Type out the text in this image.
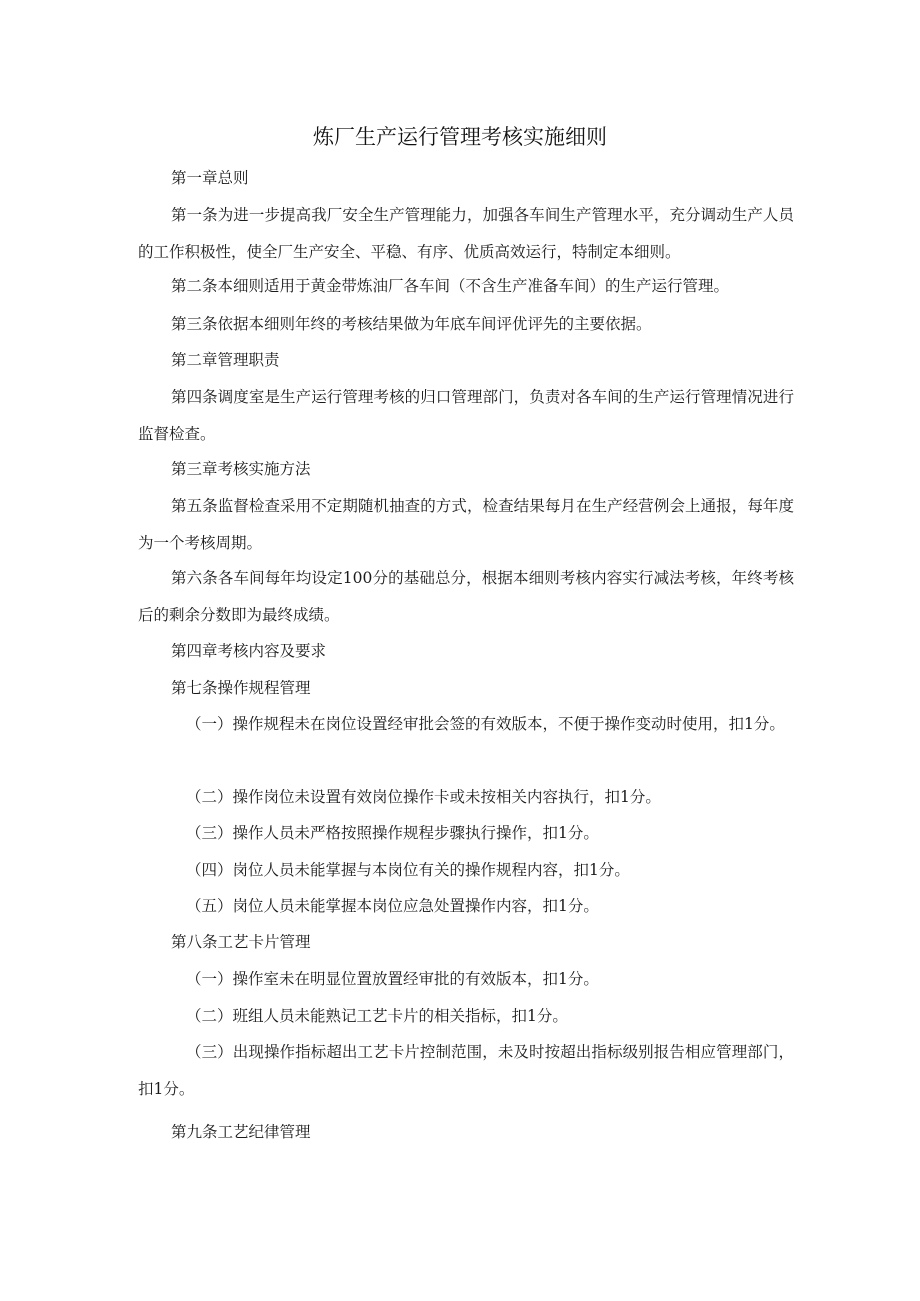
炼厂生产运行管理考核实施细则

第一章总则

第一条为进一步提高我厂安全生产管理能力，加强各车间生产管理水平，充分调动生产人员的工作积极性，使全厂生产安全、平稳、有序、优质高效运行，特制定本细则。

第二条本细则适用于黄金带炼油厂各车间（不含生产准备车间）的生产运行管理。

第三条依据本细则年终的考核结果做为年底车间评优评先的主要依据。

第二章管理职责

第四条调度室是生产运行管理考核的归口管理部门，负责对各车间的生产运行管理情况进行监督检查。

第三章考核实施方法

第五条监督检查采用不定期随机抽查的方式，检查结果每月在生产经营例会上通报，每年度为一个考核周期。

第六条各车间每年均设定100分的基础总分，根据本细则考核内容实行减法考核，年终考核后的剩余分数即为最终成绩。

第四章考核内容及要求

第七条操作规程管理

（一）操作规程未在岗位设置经审批会签的有效版本，不便于操作变动时使用，扣1分。

（二）操作岗位未设置有效岗位操作卡或未按相关内容执行，扣1分。

（三）操作人员未严格按照操作规程步骤执行操作，扣1分。

（四）岗位人员未能掌握与本岗位有关的操作规程内容，扣1分。

（五）岗位人员未能掌握本岗位应急处置操作内容，扣1分。

第八条工艺卡片管理

（一）操作室未在明显位置放置经审批的有效版本，扣1分。

（二）班组人员未能熟记工艺卡片的相关指标，扣1分。

（三）出现操作指标超出工艺卡片控制范围，未及时按超出指标级别报告相应管理部门，扣1分。

第九条工艺纪律管理
